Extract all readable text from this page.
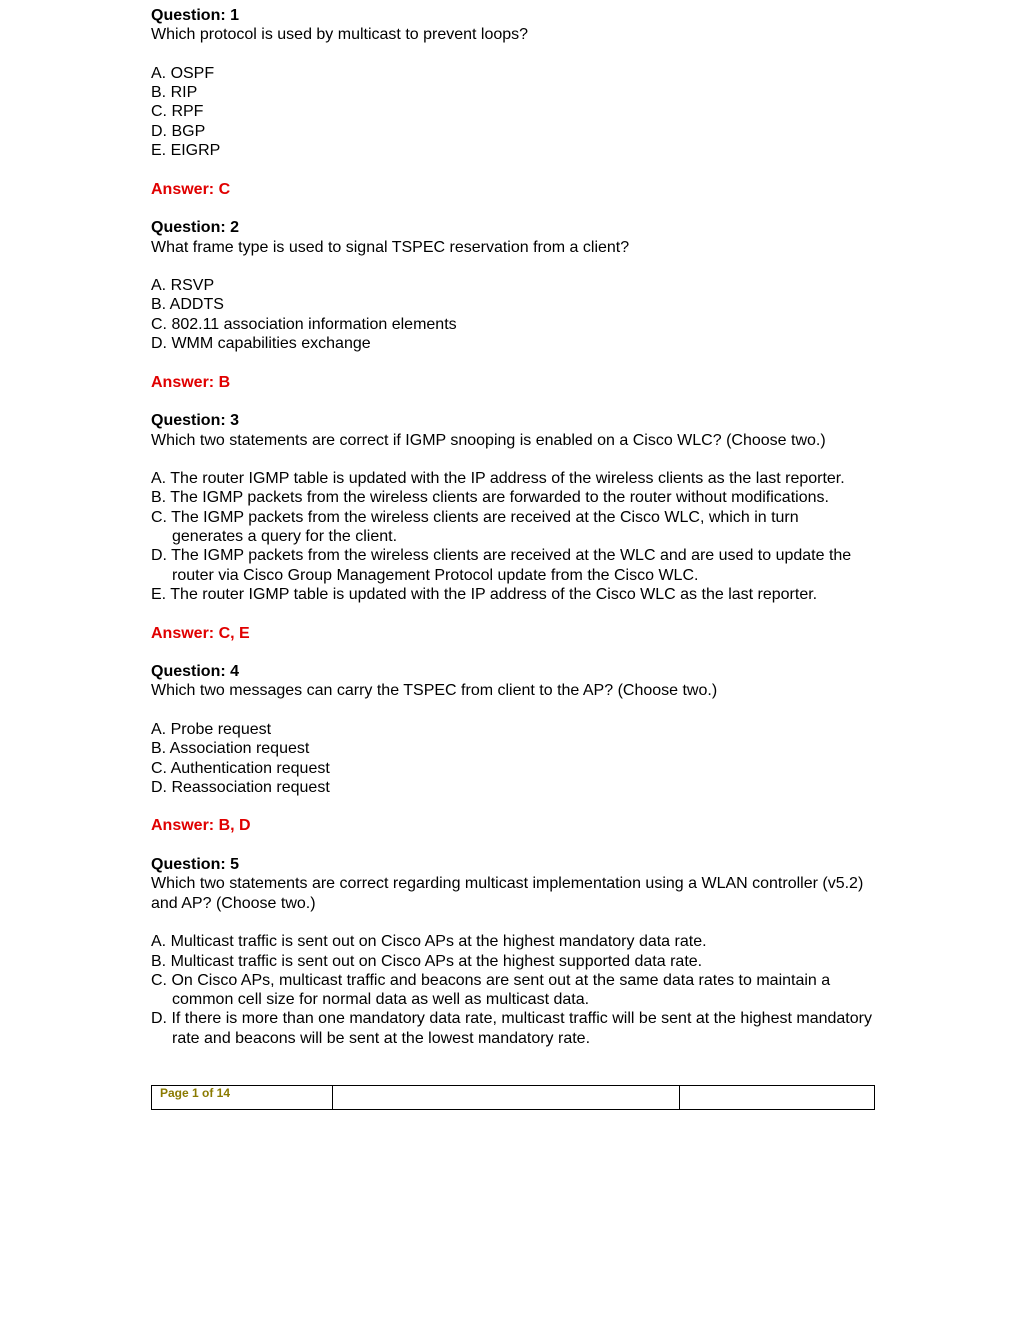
Question: 1
Which protocol is used by multicast to prevent loops?
A. OSPF
B. RIP
C. RPF
D. BGP
E. EIGRP
Answer: C
Question: 2
What frame type is used to signal TSPEC reservation from a client?
A. RSVP
B. ADDTS
C. 802.11 association information elements
D. WMM capabilities exchange
Answer: B
Question: 3
Which two statements are correct if IGMP snooping is enabled on a Cisco WLC? (Choose two.)
A. The router IGMP table is updated with the IP address of the wireless clients as the last reporter.
B. The IGMP packets from the wireless clients are forwarded to the router without modifications.
C. The IGMP packets from the wireless clients are received at the Cisco WLC, which in turn generates a query for the client.
D. The IGMP packets from the wireless clients are received at the WLC and are used to update the router via Cisco Group Management Protocol update from the Cisco WLC.
E. The router IGMP table is updated with the IP address of the Cisco WLC as the last reporter.
Answer: C, E
Question: 4
Which two messages can carry the TSPEC from client to the AP? (Choose two.)
A. Probe request
B. Association request
C. Authentication request
D. Reassociation request
Answer: B, D
Question: 5
Which two statements are correct regarding multicast implementation using a WLAN controller (v5.2) and AP? (Choose two.)
A. Multicast traffic is sent out on Cisco APs at the highest mandatory data rate.
B. Multicast traffic is sent out on Cisco APs at the highest supported data rate.
C. On Cisco APs, multicast traffic and beacons are sent out at the same data rates to maintain a common cell size for normal data as well as multicast data.
D. If there is more than one mandatory data rate, multicast traffic will be sent at the highest mandatory rate and beacons will be sent at the lowest mandatory rate.
Page 1 of 14		
